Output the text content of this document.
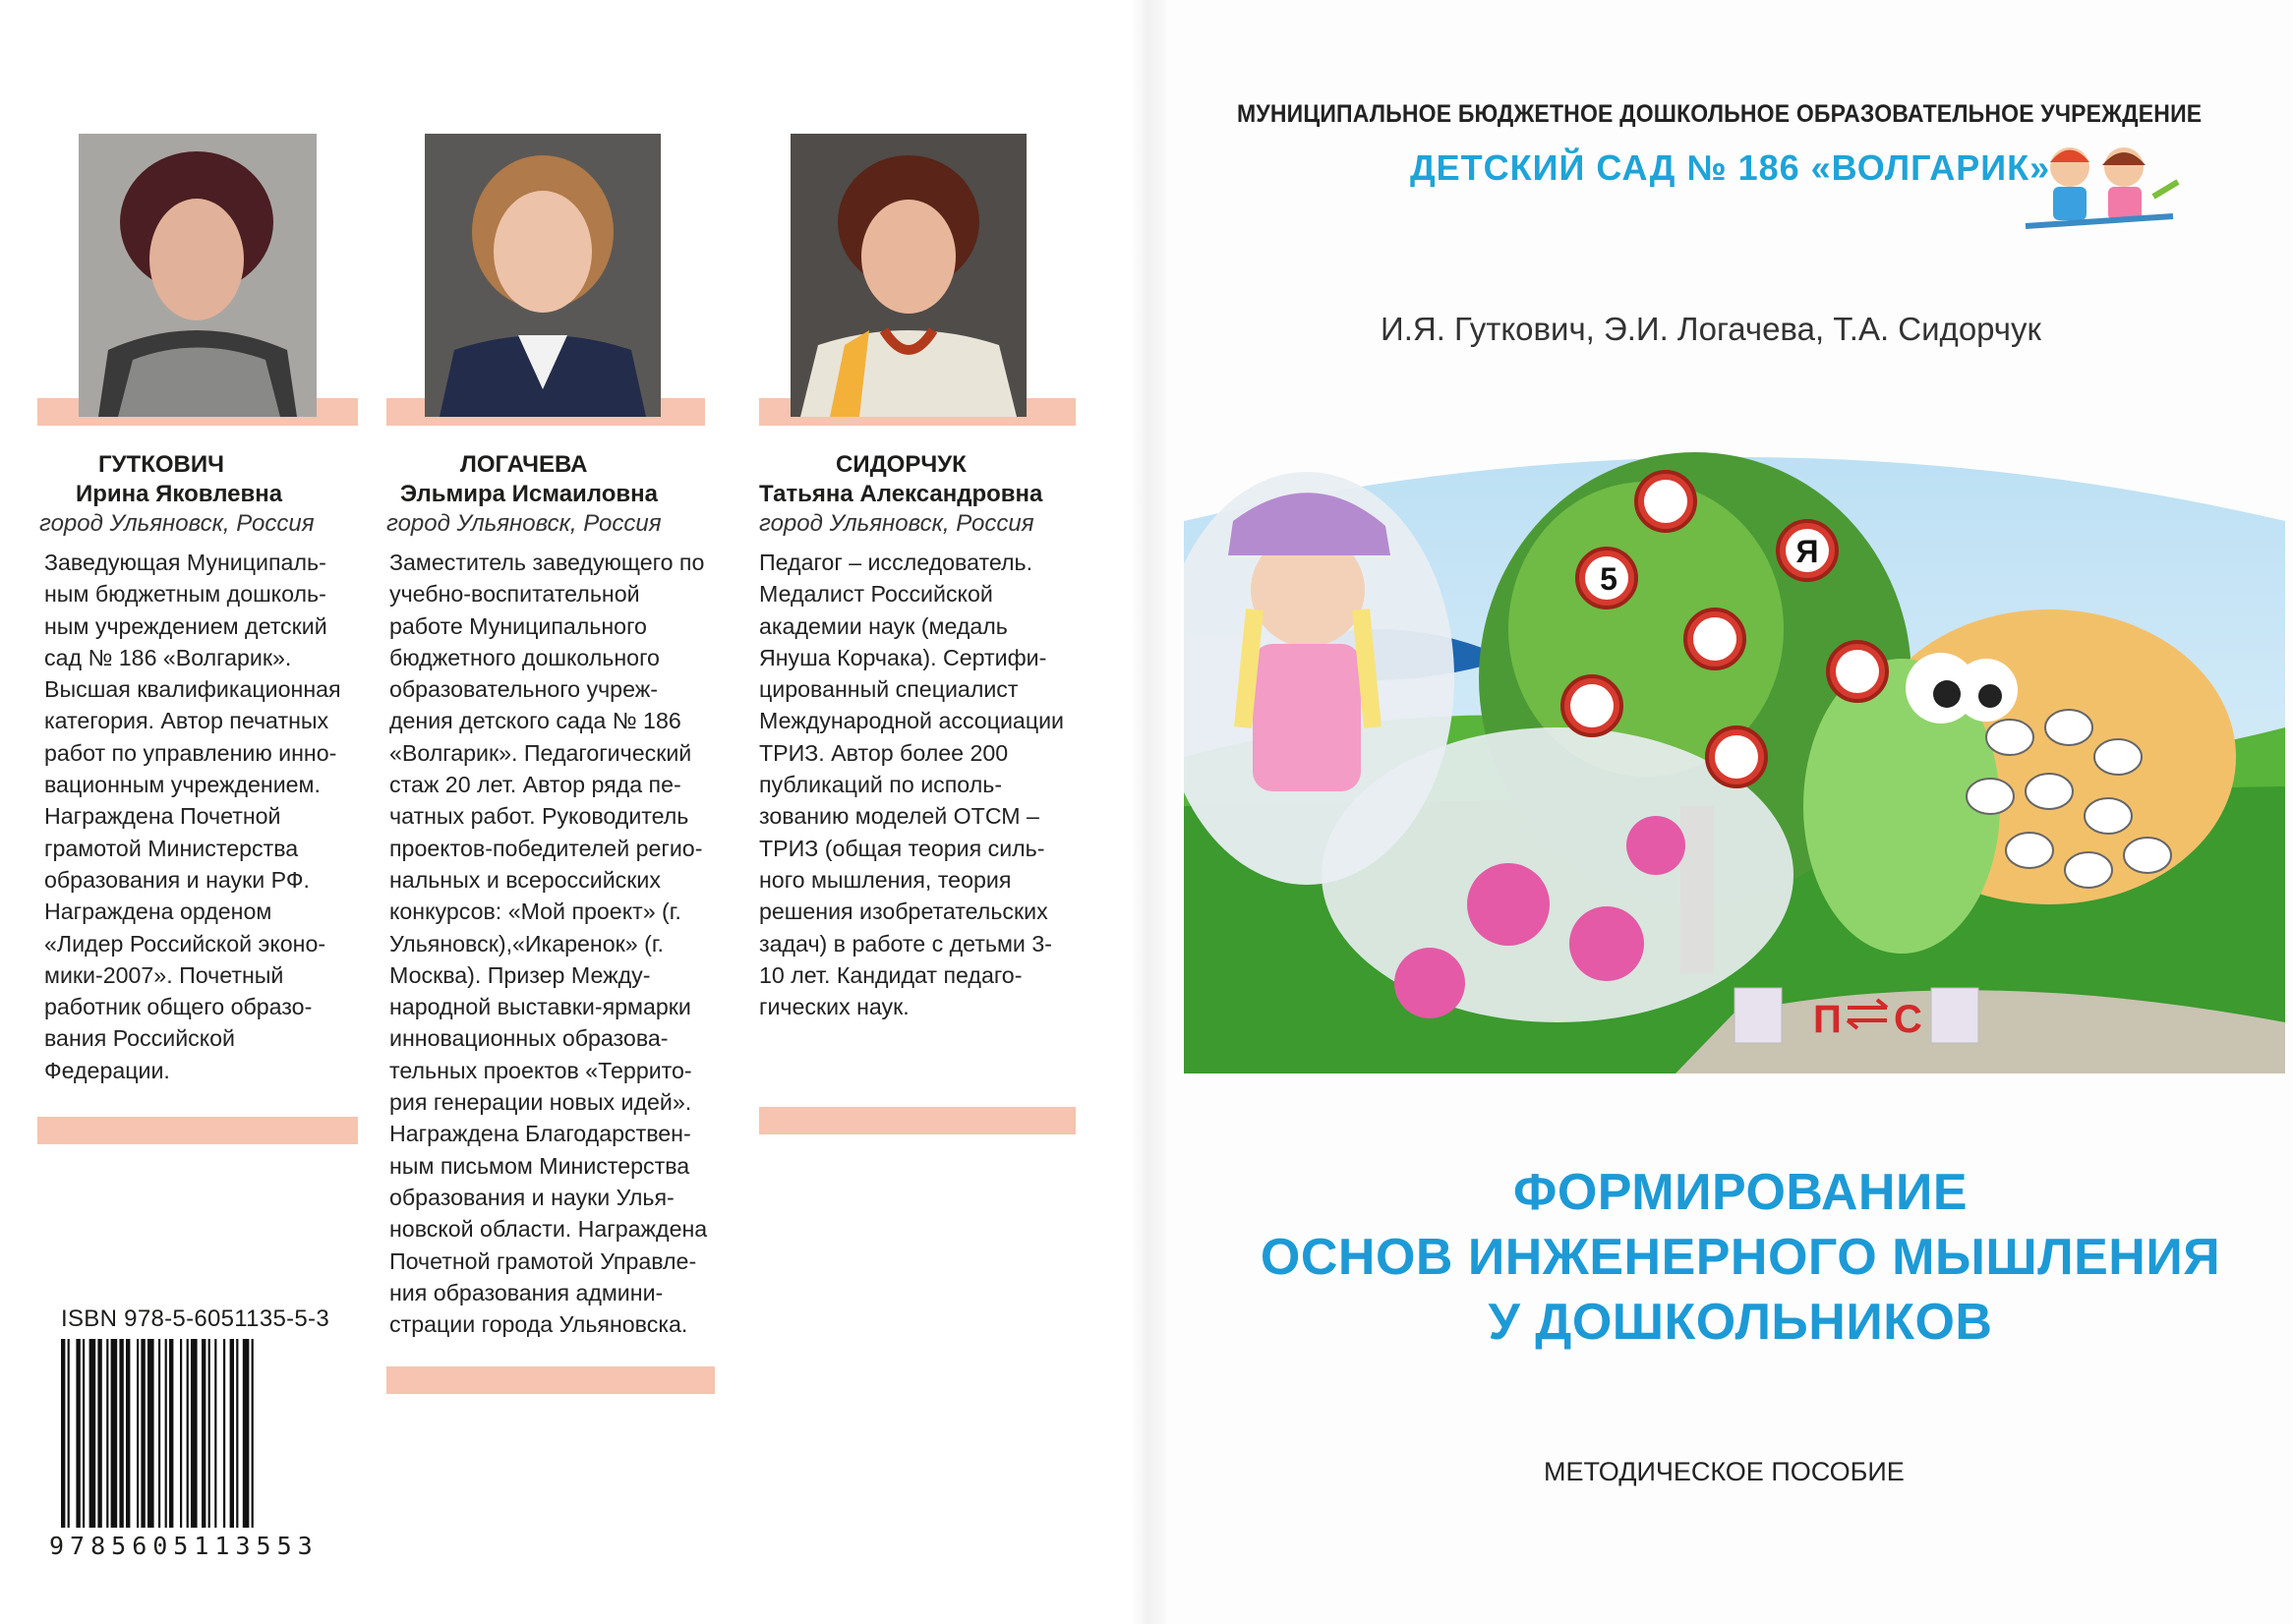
ГУТКОВИЧ
Ирина Яковлевна
город Ульяновск, Россия
Заведующая Муниципальным бюджетным дошкольным учреждением детский сад № 186 «Волгарик». Высшая квалификационная категория. Автор печатных работ по управлению инновационным учреждением. Награждена Почетной грамотой Министерства образования и науки РФ. Награждена орденом «Лидер Российской экономики-2007». Почетный работник общего образования Российской Федерации.
ЛОГАЧЕВА
Эльмира Исмаиловна
город Ульяновск, Россия
Заместитель заведующего по учебно-воспитательной работе Муниципального бюджетного дошкольного образовательного учреждения детского сада № 186 «Волгарик». Педагогический стаж 20 лет. Автор ряда печатных работ. Руководитель проектов-победителей региональных и всероссийских конкурсов: «Мой проект» (г. Ульяновск),«Икаренок» (г. Москва). Призер Международной выставки-ярмарки инновационных образовательных проектов «Территория генерации новых идей». Награждена Благодарственным письмом Министерства образования и науки Ульяновской области. Награждена Почетной грамотой Управления образования администрации города Ульяновска.
СИДОРЧУК
Татьяна Александровна
город Ульяновск, Россия
Педагог – исследователь. Медалист Российской академии наук (медаль Януша Корчака). Сертифицированный специалист Международной ассоциации ТРИЗ. Автор более 200 публикаций по использованию моделей ОТСМ – ТРИЗ (общая теория сильного мышления, теория решения изобретательских задач) в работе с детьми 3-10 лет. Кандидат педагогических наук.
ISBN 978-5-6051135-5-3
9785605113553
МУНИЦИПАЛЬНОЕ БЮДЖЕТНОЕ ДОШКОЛЬНОЕ ОБРАЗОВАТЕЛЬНОЕ УЧРЕЖДЕНИЕ
ДЕТСКИЙ САД № 186 «ВОЛГАРИК»
И.Я. Гуткович, Э.И. Логачева, Т.А. Сидорчук
5
Я
П С
ФОРМИРОВАНИЕ
ОСНОВ ИНЖЕНЕРНОГО МЫШЛЕНИЯ
У ДОШКОЛЬНИКОВ
МЕТОДИЧЕСКОЕ ПОСОБИЕ
